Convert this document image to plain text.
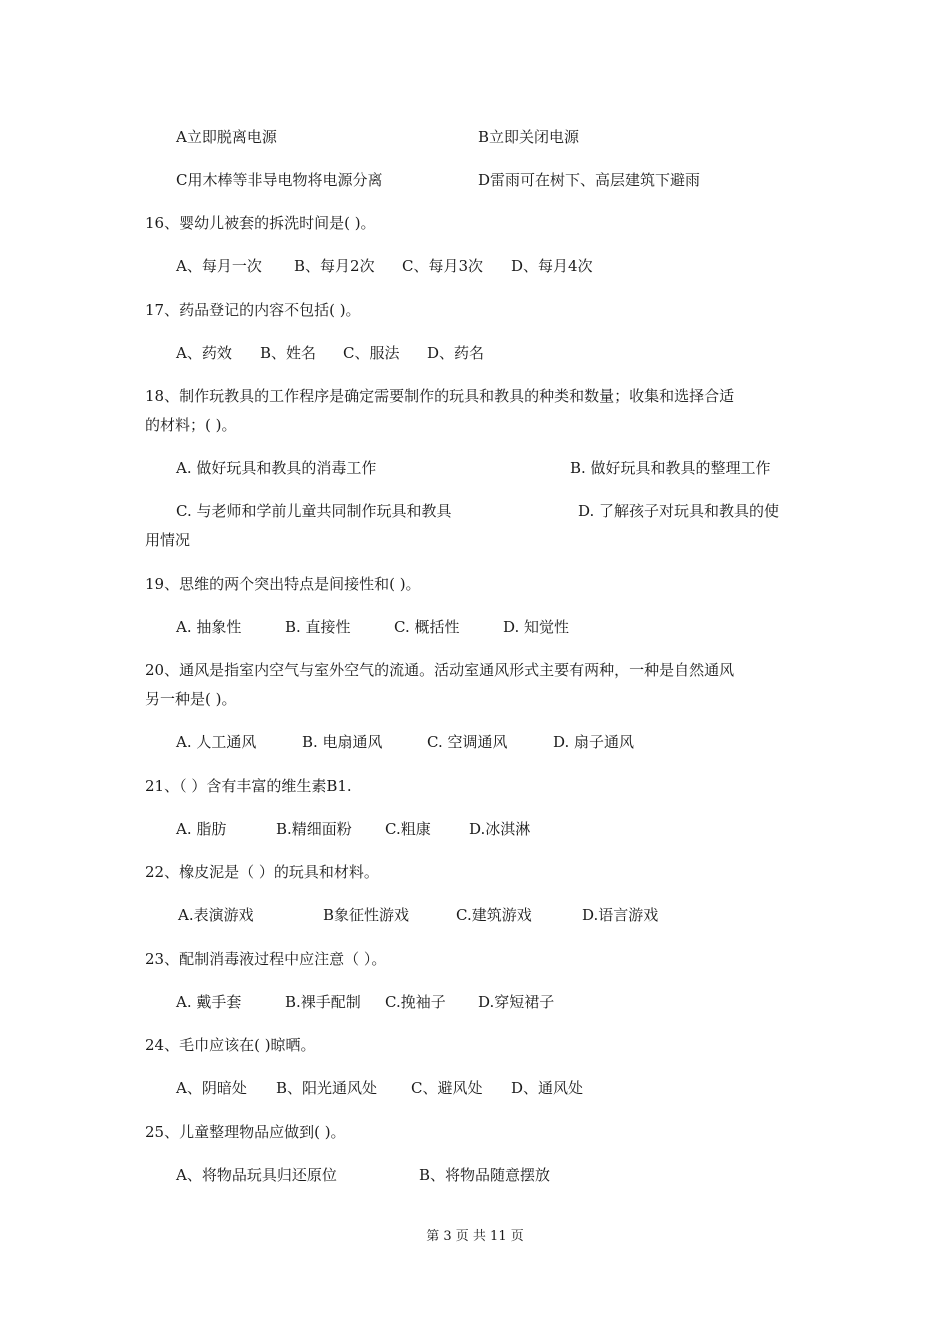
A立即脱离电源	B立即关闭电源
C用木棒等非导电物将电源分离	D雷雨可在树下、高层建筑下避雨
16、婴幼儿被套的拆洗时间是( )。
A、每月一次 B、每月2次 C、每月3次 D、每月4次
17、药品登记的内容不包括( )。
A、药效 B、姓名 C、服法 D、药名
18、制作玩教具的工作程序是确定需要制作的玩具和教具的种类和数量；收集和选择合适
的材料；( )。
A. 做好玩具和教具的消毒工作	B. 做好玩具和教具的整理工作
C. 与老师和学前儿童共同制作玩具和教具	D. 了解孩子对玩具和教具的使
用情况
19、思维的两个突出特点是间接性和( )。
A. 抽象性	B. 直接性	C. 概括性	D. 知觉性
20、通风是指室内空气与室外空气的流通。活动室通风形式主要有两种，一种是自然通风
另一种是( )。
A. 人工通风	B. 电扇通风	C. 空调通风	D. 扇子通风
21、（ ）含有丰富的维生素B1.
A. 脂肪	B.精细面粉 C.粗康	D.冰淇淋
22、橡皮泥是（ ）的玩具和材料。
A.表演游戏	B象征性游戏	C.建筑游戏	D.语言游戏
23、配制消毒液过程中应注意（ ）。
A. 戴手套	B.裸手配制 C.挽袖子 D.穿短裙子
24、毛巾应该在( )晾晒。
A、阴暗处 B、阳光通风处 C、避风处 D、通风处
25、儿童整理物品应做到( )。
A、将物品玩具归还原位	B、将物品随意摆放
第 3 页 共 11 页
